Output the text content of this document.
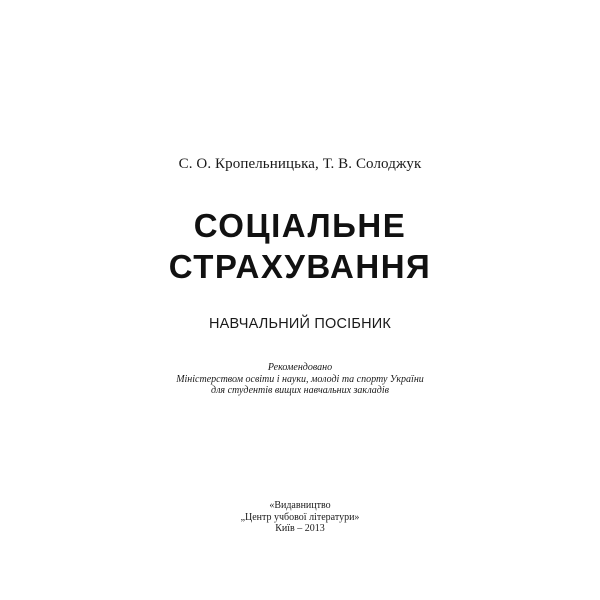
С. О. Кропельницька, Т. В. Солоджук
СОЦІАЛЬНЕ
СТРАХУВАННЯ
НАВЧАЛЬНИЙ ПОСІБНИК
Рекомендовано
Міністерством освіти і науки, молоді та спорту України
для студентів вищих навчальних закладів
«Видавництво
„Центр учбової літератури»
Київ – 2013
